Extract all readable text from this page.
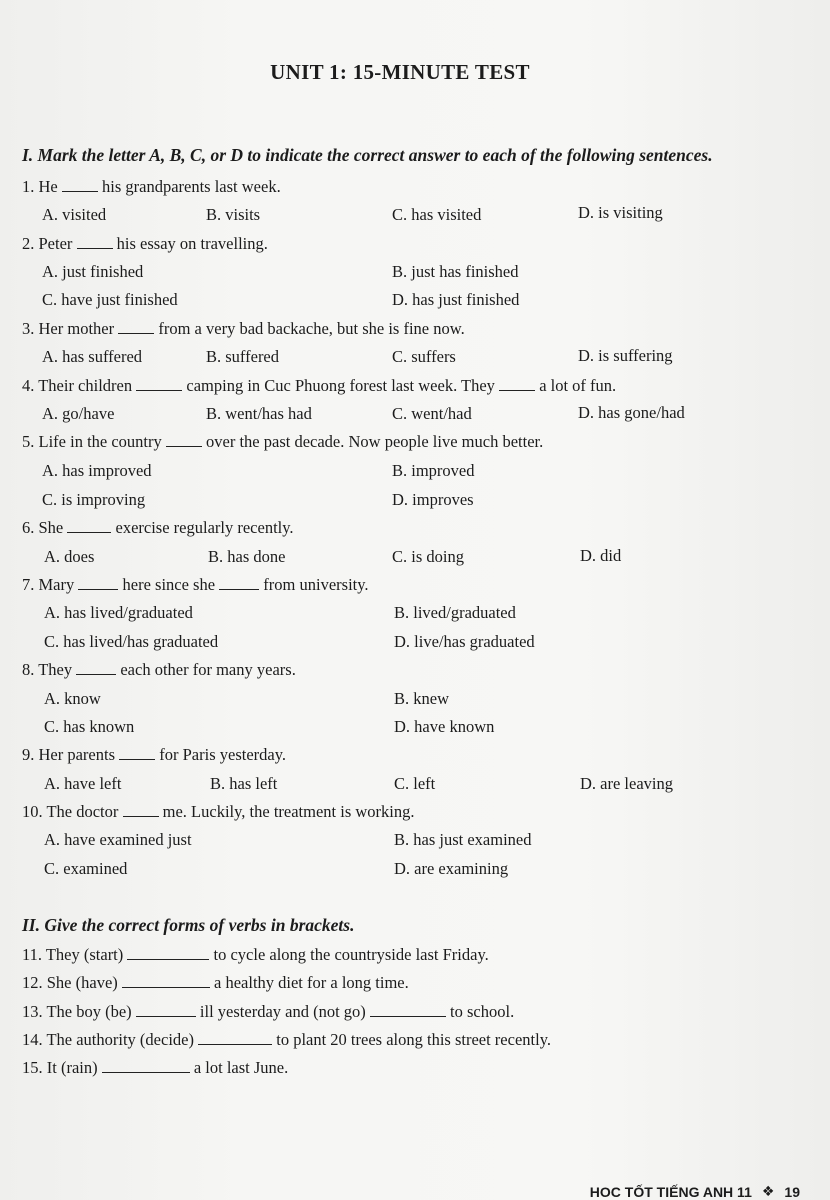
UNIT 1: 15-MINUTE TEST
I. Mark the letter A, B, C, or D to indicate the correct answer to each of the following sentences.
1. He	his grandparents last week.
A. visited	B. visits	C. has visited	D. is visiting
2. Peter	his essay on travelling.
A. just finished	B. just has finished
C. have just finished	D. has just finished
3. Her mother	from a very bad backache, but she is fine now.
A. has suffered	B. suffered	C. suffers	D. is suffering
4. Their children	camping in Cuc Phuong forest last week. They	a lot of fun.
A. go/have	B. went/has had	C. went/had	D. has gone/had
5. Life in the country	over the past decade. Now people live much better.
A. has improved	B. improved
C. is improving	D. improves
6. She	exercise regularly recently.
A. does	B. has done	C. is doing	D. did
7. Mary	here since she	from university.
A. has lived/graduated	B. lived/graduated
C. has lived/has graduated	D. live/has graduated
8. They	each other for many years.
A. know	B. knew
C. has known	D. have known
9. Her parents	for Paris yesterday.
A. have left	B. has left	C. left	D. are leaving
10. The doctor	me. Luckily, the treatment is working.
A. have examined just	B. has just examined
C. examined	D. are examining
II. Give the correct forms of verbs in brackets.
11. They (start)	to cycle along the countryside last Friday.
12. She (have)	a healthy diet for a long time.
13. The boy (be)	ill yesterday and (not go)	to school.
14. The authority (decide)	to plant 20 trees along this street recently.
15. It (rain)	a lot last June.
HOC TỐT TIẾNG ANH 11 ❖ 19
